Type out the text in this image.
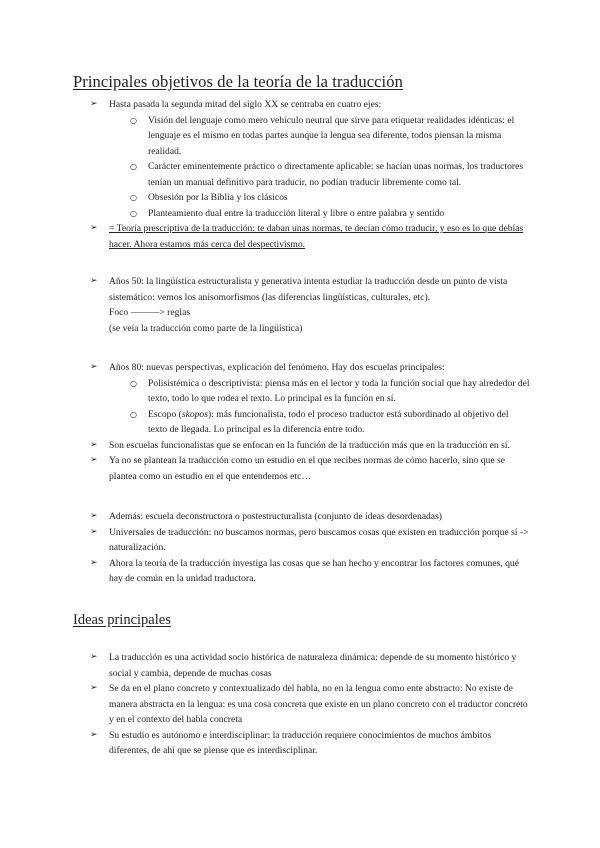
Principales objetivos de la teoría de la traducción
➢ Hasta pasada la segunda mitad del siglo XX se centraba en cuatro ejes:
○ Visión del lenguaje como mero vehículo neutral que sirve para etiquetar realidades idénticas: el lenguaje es el mismo en todas partes aunque la lengua sea diferente, todos piensan la misma realidad.
○ Carácter eminentemente práctico o directamente aplicable: se hacían unas normas, los traductores tenían un manual definitivo para traducir, no podían traducir libremente como tal.
○ Obsesión por la Biblia y los clásicos
○ Planteamiento dual entre la traducción literal y libre o entre palabra y sentido
➢ = Teoría prescriptiva de la traducción: te daban unas normas, te decían cómo traducir, y eso es lo que debías hacer. Ahora estamos más cerca del despectivismo.
➢ Años 50: la lingüística estructuralista y generativa intenta estudiar la traducción desde un punto de vista sistemático: vemos los anisomorfismos (las diferencias lingüísticas, culturales, etc).
Foco ———> reglas
(se veía la traducción como parte de la lingüística)
➢ Años 80: nuevas perspectivas, explicación del fenómeno. Hay dos escuelas principales:
○ Polisistémica o descriptivista: piensa más en el lector y toda la función social que hay alrededor del texto, todo lo que rodea el texto. Lo principal es la función en sí.
○ Escopo (skopos): más funcionalista, todo el proceso traductor está subordinado al objetivo del texto de llegada. Lo principal es la diferencia entre todo.
➢ Son escuelas funcionalistas que se enfocan en la función de la traducción más que en la traducción en sí.
➢ Ya no se plantean la traducción como un estudio en el que recibes normas de cómo hacerlo, sino que se plantea como un estudio en el que entendemos etc…
➢ Además: escuela deconstructora o postestructuralista (conjunto de ideas desordenadas)
➢ Universales de traducción: no buscamos normas, pero buscamos cosas que existen en traducción porque sí -> naturalización.
➢ Ahora la teoría de la traducción investiga las cosas que se han hecho y encontrar los factores comunes, qué hay de común en la unidad traductora.
Ideas principales
➢ La traducción es una actividad socio histórica de naturaleza dinámica: depende de su momento histórico y social y cambia, depende de muchas cosas
➢ Se da en el plano concreto y contextualizado del habla, no en la lengua como ente abstracto: No existe de manera abstracta en la lengua: es una cosa concreta que existe en un plano concreto con el traductor concreto y en el contexto del habla concreta
➢ Su estudio es autónomo e interdisciplinar: la traducción requiere conocimientos de muchos ámbitos diferentes, de ahí que se piense que es interdisciplinar.
